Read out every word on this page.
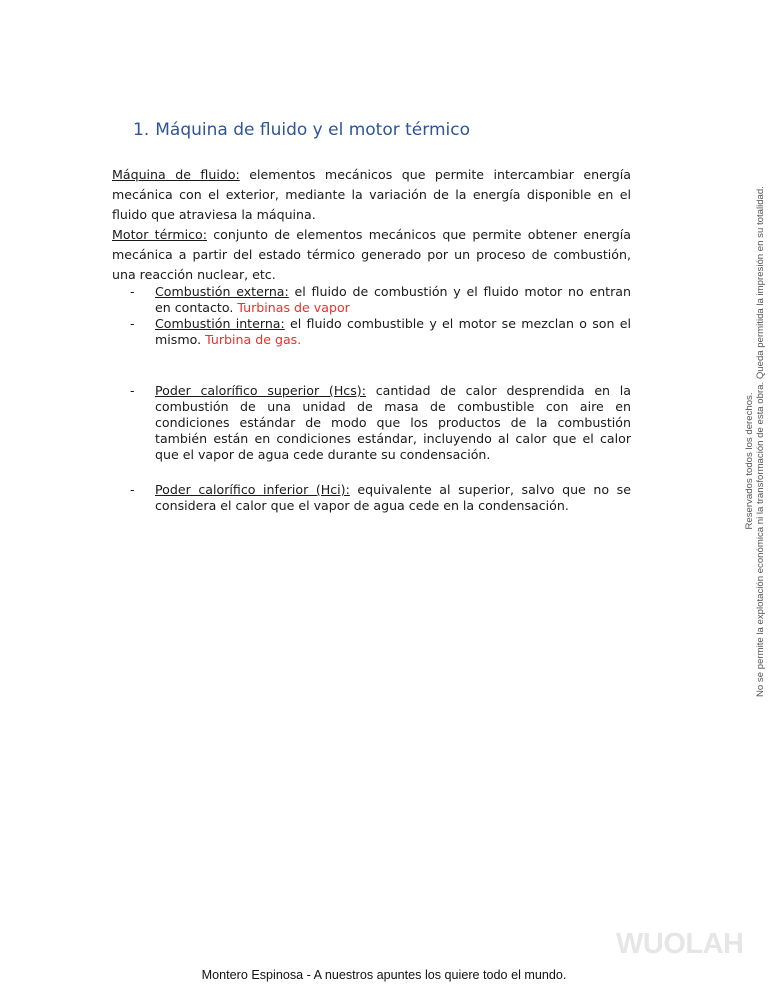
1. Máquina de fluido y el motor térmico

Máquina de fluido: elementos mecánicos que permite intercambiar energía mecánica con el exterior, mediante la variación de la energía disponible en el fluido que atraviesa la máquina.

Motor térmico: conjunto de elementos mecánicos que permite obtener energía mecánica a partir del estado térmico generado por un proceso de combustión, una reacción nuclear, etc.

- Combustión externa: el fluido de combustión y el fluido motor no entran en contacto. Turbinas de vapor
- Combustión interna: el fluido combustible y el motor se mezclan o son el mismo. Turbina de gas.
- Poder calorífico superior (Hcs): cantidad de calor desprendida en la combustión de una unidad de masa de combustible con aire en condiciones estándar de modo que los productos de la combustión también están en condiciones estándar, incluyendo al calor que el calor que el vapor de agua cede durante su condensación.
- Poder calorífico inferior (Hci): equivalente al superior, salvo que no se considera el calor que el vapor de agua cede en la condensación.	Reservados todos los derechos. No se permite la explotación económica ni la transformación de esta obra. Queda permitida la impresión en su totalidad.
WUOLAH
Montero Espinosa - A nuestros apuntes los quiere todo el mundo.
